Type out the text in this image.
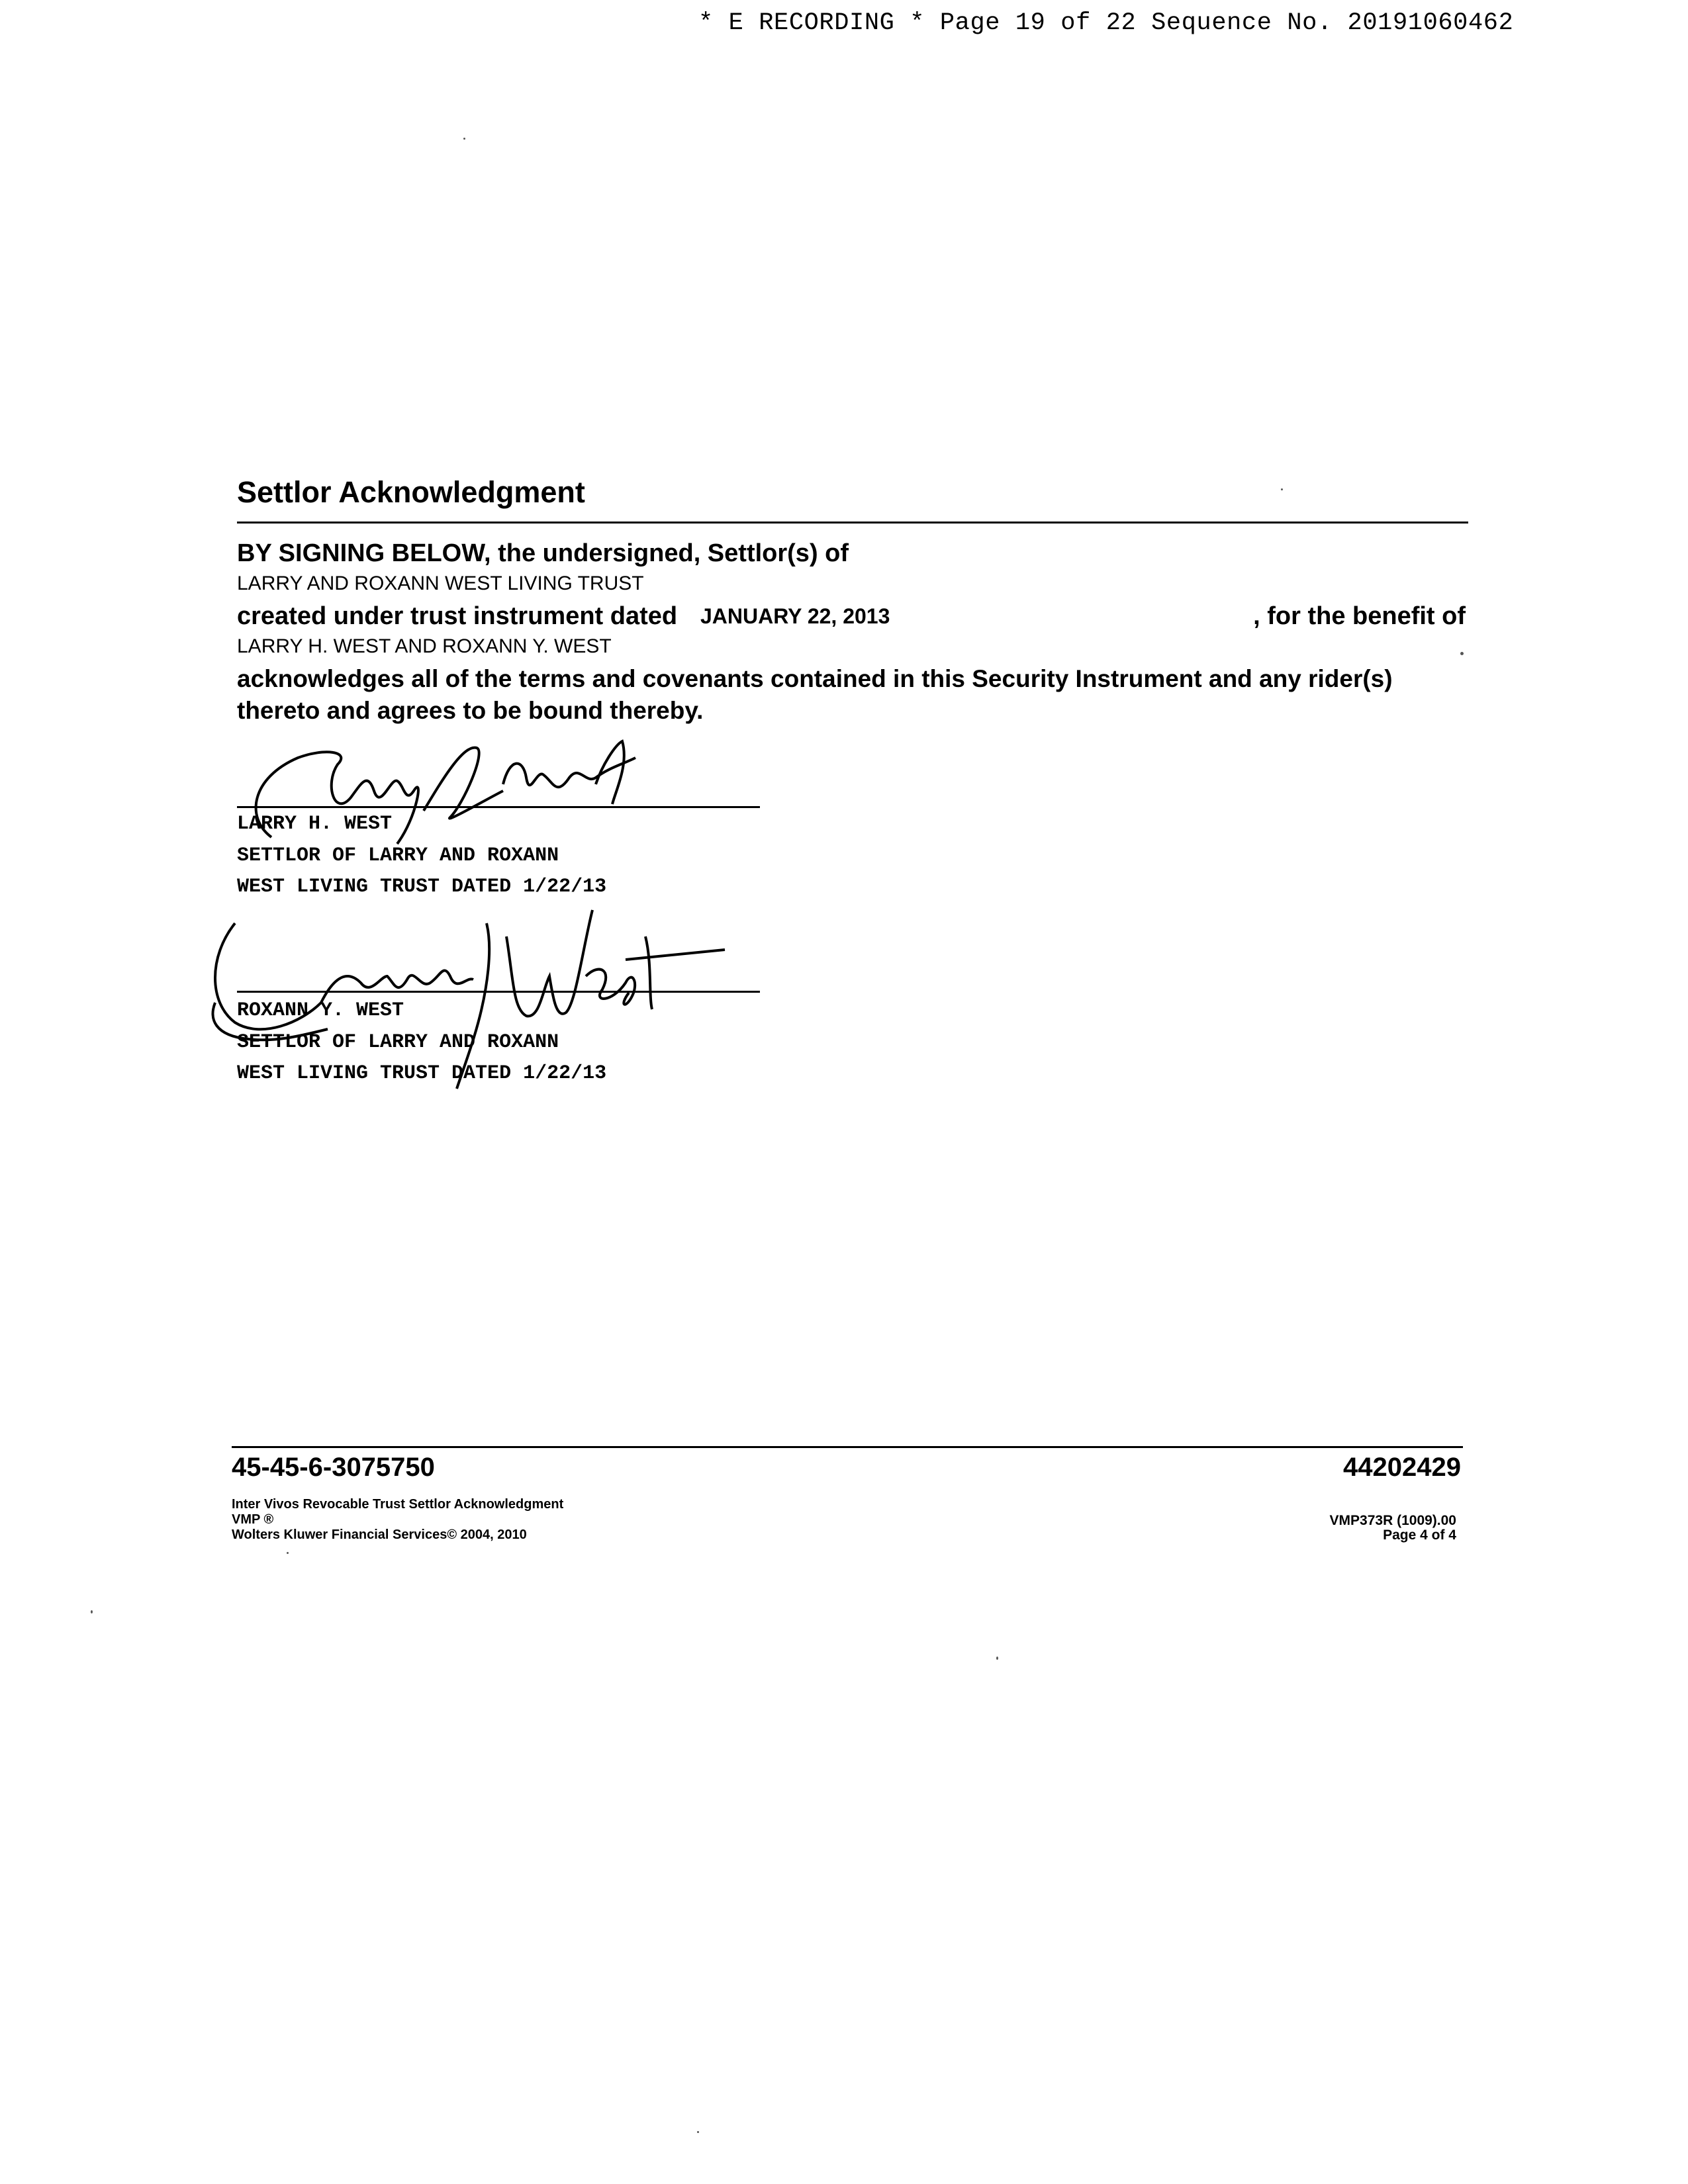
* E RECORDING * Page 19 of 22 Sequence No. 20191060462
Settlor Acknowledgment
BY SIGNING BELOW, the undersigned, Settlor(s) of
LARRY AND ROXANN WEST LIVING TRUST
created under trust instrument dated JANUARY 22, 2013	, for the benefit of
LARRY H. WEST AND ROXANN Y. WEST
acknowledges all of the terms and covenants contained in this Security Instrument and any rider(s)
thereto and agrees to be bound thereby.
LARRY H. WEST
SETTLOR OF LARRY AND ROXANN
WEST LIVING TRUST DATED 1/22/13
ROXANN Y. WEST
SETTLOR OF LARRY AND ROXANN
WEST LIVING TRUST DATED 1/22/13
45-45-6-3075750	44202429
Inter Vivos Revocable Trust Settlor Acknowledgment
VMP ®
Wolters Kluwer Financial Services© 2004, 2010
VMP373R (1009).00
Page 4 of 4
